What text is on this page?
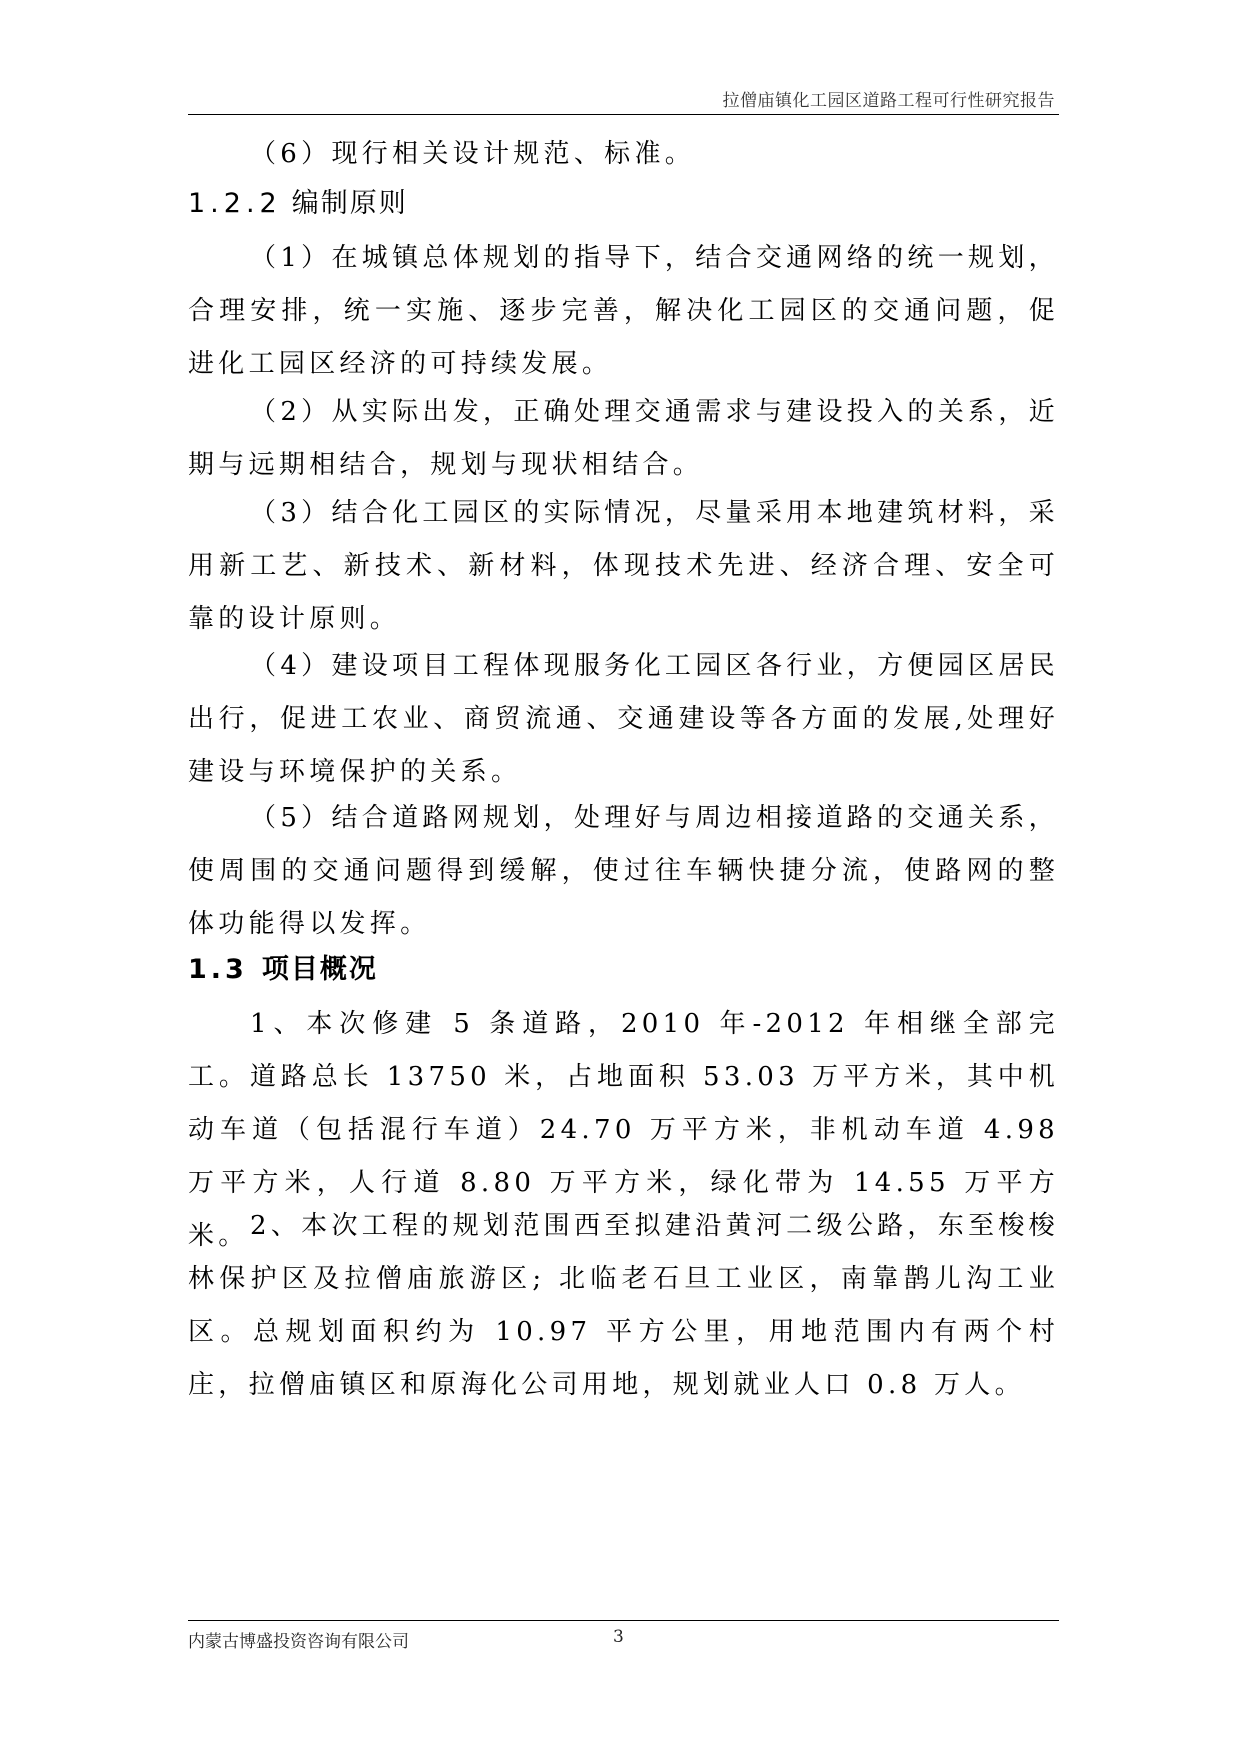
拉僧庙镇化工园区道路工程可行性研究报告

（6）现行相关设计规范、标准。

1.2.2 编制原则

（1）在城镇总体规划的指导下，结合交通网络的统一规划，合理安排，统一实施、逐步完善，解决化工园区的交通问题，促进化工园区经济的可持续发展。

（2）从实际出发，正确处理交通需求与建设投入的关系，近期与远期相结合，规划与现状相结合。

（3）结合化工园区的实际情况，尽量采用本地建筑材料，采用新工艺、新技术、新材料，体现技术先进、经济合理、安全可靠的设计原则。

（4）建设项目工程体现服务化工园区各行业，方便园区居民出行，促进工农业、商贸流通、交通建设等各方面的发展,处理好建设与环境保护的关系。

（5）结合道路网规划，处理好与周边相接道路的交通关系，使周围的交通问题得到缓解，使过往车辆快捷分流，使路网的整体功能得以发挥。

1.3 项目概况

1、本次修建 5 条道路，2010 年-2012 年相继全部完工。道路总长 13750 米，占地面积 53.03 万平方米，其中机动车道（包括混行车道）24.70 万平方米，非机动车道 4.98 万平方米，人行道 8.80 万平方米，绿化带为 14.55 万平方米。 2、本次工程的规划范围西至拟建沿黄河二级公路，东至梭梭林保护区及拉僧庙旅游区; 北临老石旦工业区，南靠鹊儿沟工业区。总规划面积约为 10.97 平方公里，用地范围内有两个村庄，拉僧庙镇区和原海化公司用地，规划就业人口 0.8 万人。

内蒙古博盛投资咨询有限公司	3
